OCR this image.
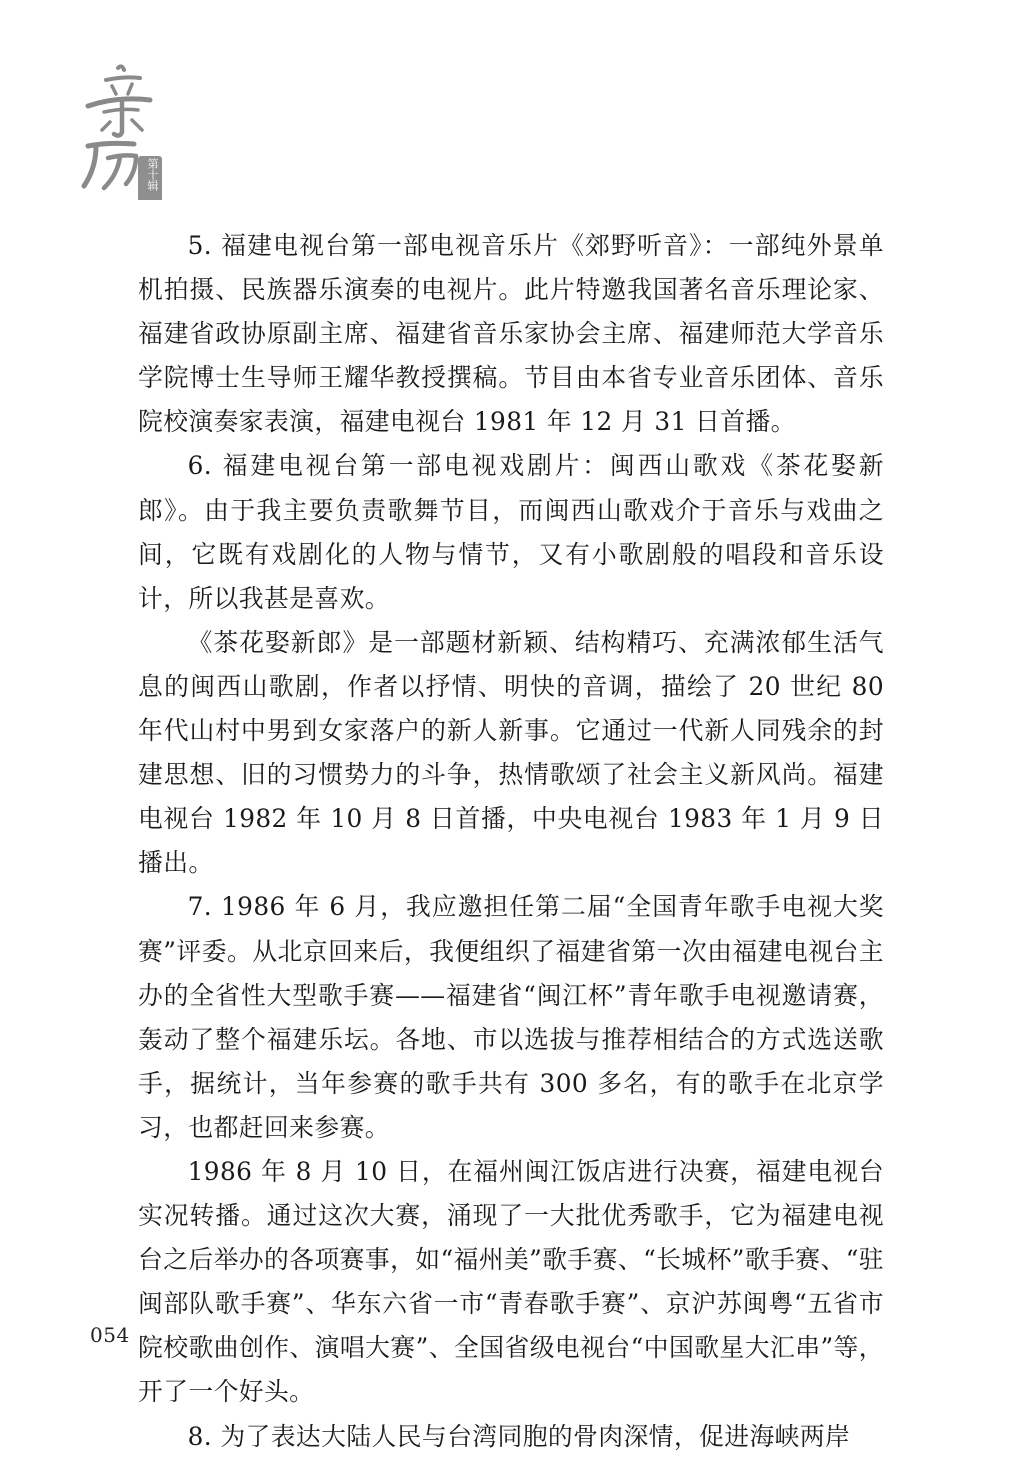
第十辑

5. 福建电视台第一部电视音乐片《郊野听音》：一部纯外景单机拍摄、民族器乐演奏的电视片。此片特邀我国著名音乐理论家、福建省政协原副主席、福建省音乐家协会主席、福建师范大学音乐学院博士生导师王耀华教授撰稿。节目由本省专业音乐团体、音乐院校演奏家表演，福建电视台 1981 年 12 月 31 日首播。

6. 福建电视台第一部电视戏剧片：闽西山歌戏《茶花娶新郎》。由于我主要负责歌舞节目，而闽西山歌戏介于音乐与戏曲之间，它既有戏剧化的人物与情节，又有小歌剧般的唱段和音乐设计，所以我甚是喜欢。

《茶花娶新郎》是一部题材新颖、结构精巧、充满浓郁生活气息的闽西山歌剧，作者以抒情、明快的音调，描绘了 20 世纪 80 年代山村中男到女家落户的新人新事。它通过一代新人同残余的封建思想、旧的习惯势力的斗争，热情歌颂了社会主义新风尚。福建电视台 1982 年 10 月 8 日首播，中央电视台 1983 年 1 月 9 日播出。

7. 1986 年 6 月，我应邀担任第二届“全国青年歌手电视大奖赛”评委。从北京回来后，我便组织了福建省第一次由福建电视台主办的全省性大型歌手赛——福建省“闽江杯”青年歌手电视邀请赛，轰动了整个福建乐坛。各地、市以选拔与推荐相结合的方式选送歌手，据统计，当年参赛的歌手共有 300 多名，有的歌手在北京学习，也都赶回来参赛。

1986 年 8 月 10 日，在福州闽江饭店进行决赛，福建电视台实况转播。通过这次大赛，涌现了一大批优秀歌手，它为福建电视台之后举办的各项赛事，如“福州美”歌手赛、“长城杯”歌手赛、“驻闽部队歌手赛”、华东六省一市“青春歌手赛”、京沪苏闽粤“五省市院校歌曲创作、演唱大赛”、全国省级电视台“中国歌星大汇串”等，开了一个好头。

8. 为了表达大陆人民与台湾同胞的骨肉深情，促进海峡两岸

054
